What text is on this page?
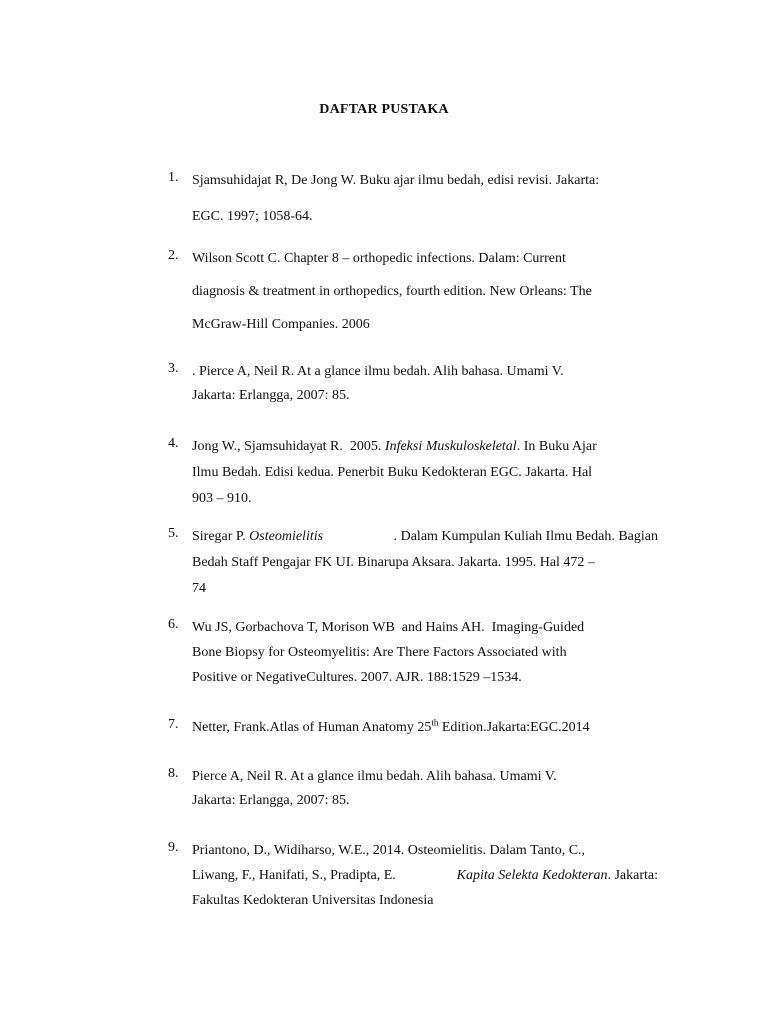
DAFTAR PUSTAKA
1. Sjamsuhidajat R, De Jong W. Buku ajar ilmu bedah, edisi revisi. Jakarta:
EGC. 1997; 1058-64.
2. Wilson Scott C. Chapter 8 – orthopedic infections. Dalam: Current
diagnosis & treatment in orthopedics, fourth edition. New Orleans: The
McGraw-Hill Companies. 2006
3. . Pierce A, Neil R. At a glance ilmu bedah. Alih bahasa. Umami V.
Jakarta: Erlangga, 2007: 85.
4. Jong W., Sjamsuhidayat R.  2005. Infeksi Muskuloskeletal. In Buku Ajar
Ilmu Bedah. Edisi kedua. Penerbit Buku Kedokteran EGC. Jakarta. Hal
903 – 910.
5. Siregar P. Osteomielitis	. Dalam Kumpulan Kuliah Ilmu Bedah. Bagian
Bedah Staff Pengajar FK UI. Binarupa Aksara. Jakarta. 1995. Hal 472 –
74
6. Wu JS, Gorbachova T, Morison WB  and Hains AH.  Imaging-Guided
Bone Biopsy for Osteomyelitis: Are There Factors Associated with
Positive or NegativeCultures. 2007. AJR. 188:1529 –1534.
7. Netter, Frank.Atlas of Human Anatomy 25th Edition.Jakarta:EGC.2014
8. Pierce A, Neil R. At a glance ilmu bedah. Alih bahasa. Umami V.
Jakarta: Erlangga, 2007: 85.
9. Priantono, D., Widiharso, W.E., 2014. Osteomielitis. Dalam Tanto, C.,
Liwang, F., Hanifati, S., Pradipta, E.	Kapita Selekta Kedokteran. Jakarta:
Fakultas Kedokteran Universitas Indonesia
